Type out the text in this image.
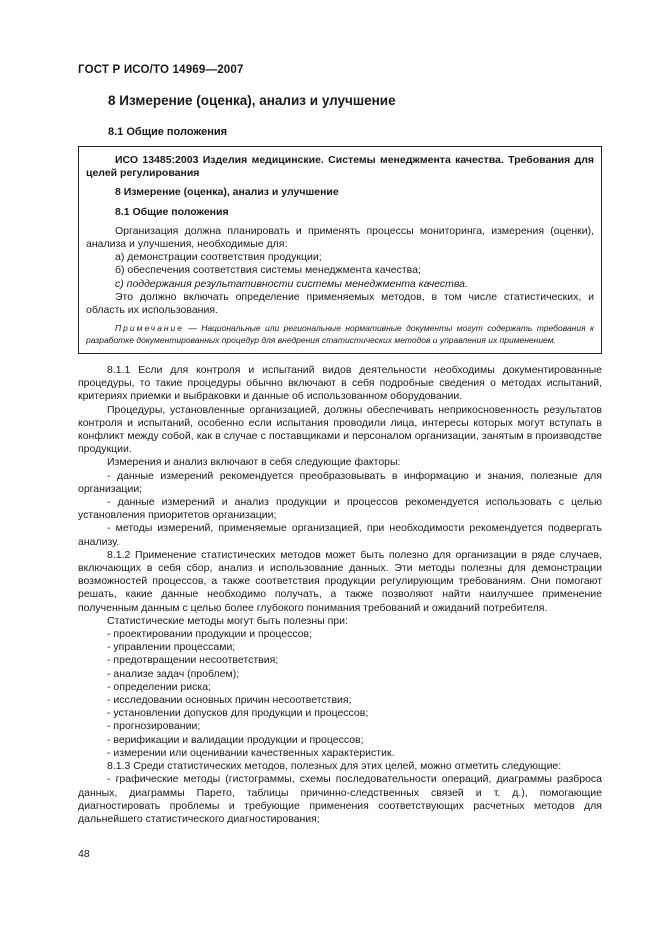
ГОСТ Р ИСО/ТО 14969—2007
8 Измерение (оценка), анализ и улучшение
8.1 Общие положения

ИСО 13485:2003 Изделия медицинские. Системы менеджмента качества. Требования для целей регулирования

8 Измерение (оценка), анализ и улучшение

8.1 Общие положения

Организация должна планировать и применять процессы мониторинга, измерения (оценки), анализа и улучшения, необходимые для:

а) демонстрации соответствия продукции;

б) обеспечения соответствия системы менеджмента качества;

с) поддержания результативности системы менеджмента качества.

Это должно включать определение применяемых методов, в том числе статистических, и область их использования.

Примечание — Национальные или региональные нормативные документы могут содержать требования к разработке документированных процедур для внедрения статистических методов и управления их применением.

8.1.1 Если для контроля и испытаний видов деятельности необходимы документированные процедуры, то такие процедуры обычно включают в себя подробные сведения о методах испытаний, критериях приемки и выбраковки и данные об использованном оборудовании.

Процедуры, установленные организацией, должны обеспечивать неприкосновенность результатов контроля и испытаний, особенно если испытания проводили лица, интересы которых могут вступать в конфликт между собой, как в случае с поставщиками и персоналом организации, занятым в производстве продукции.

Измерения и анализ включают в себя следующие факторы:

- данные измерений рекомендуется преобразовывать в информацию и знания, полезные для организации;

- данные измерений и анализ продукции и процессов рекомендуется использовать с целью установления приоритетов организации;

- методы измерений, применяемые организацией, при необходимости рекомендуется подвергать анализу.

8.1.2 Применение статистических методов может быть полезно для организации в ряде случаев, включающих в себя сбор, анализ и использование данных. Эти методы полезны для демонстрации возможностей процессов, а также соответствия продукции регулирующим требованиям. Они помогают решать, какие данные необходимо получать, а также позволяют найти наилучшее применение полученным данным с целью более глубокого понимания требований и ожиданий потребителя.

Статистические методы могут быть полезны при:

- проектировании продукции и процессов;

- управлении процессами;

- предотвращении несоответствия;

- анализе задач (проблем);

- определении риска;

- исследовании основных причин несоответствия;

- установлении допусков для продукции и процессов;

- прогнозировании;

- верификации и валидации продукции и процессов;

- измерении или оценивании качественных характеристик.

8.1.3 Среди статистических методов, полезных для этих целей, можно отметить следующие:

- графические методы (гистограммы, схемы последовательности операций, диаграммы разброса данных, диаграммы Парето, таблицы причинно-следственных связей и т. д.), помогающие диагностировать проблемы и требующие применения соответствующих расчетных методов для дальнейшего статистического диагностирования;

48
